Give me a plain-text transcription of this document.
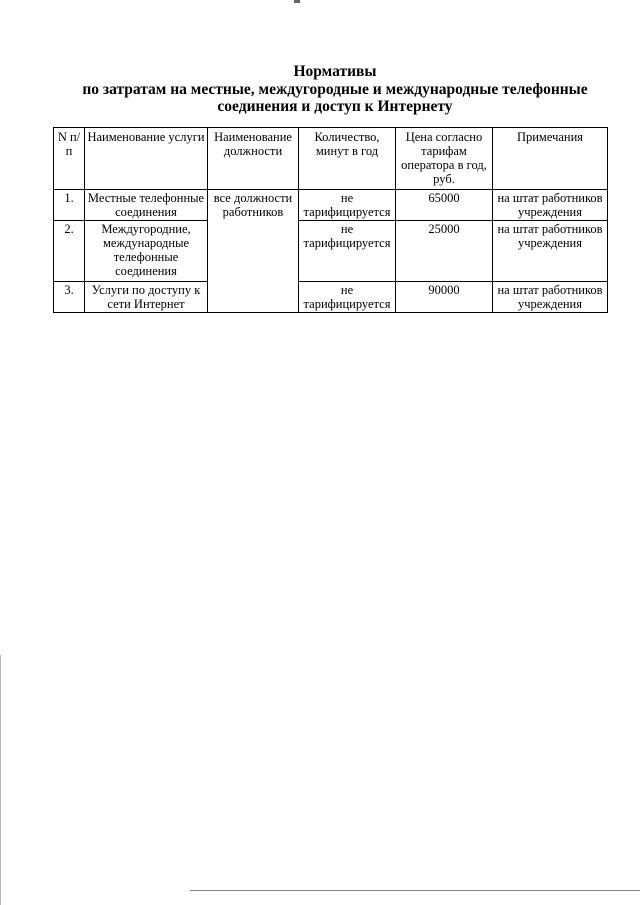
Нормативы
по затратам на местные, междугородные и международные телефонные
соединения и доступ к Интернету
N п/п	Наименование услуги	Наименование должности	Количество, минут в год	Цена согласно тарифам оператора в год, руб.	Примечания
1.	Местные телефонные соединения	все должности работников	не тарифицируется	65000	на штат работников учреждения
2.	Междугородние, международные телефонные соединения		не тарифицируется	25000	на штат работников учреждения
3.	Услуги по доступу к сети Интернет		не тарифицируется	90000	на штат работников учреждения
